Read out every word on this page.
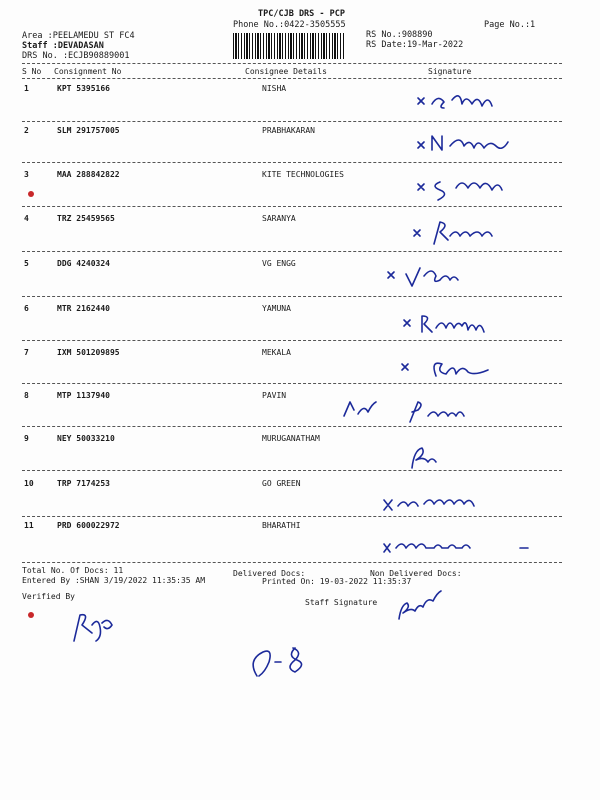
TPC/CJB DRS - PCP
Phone No.:0422-3505555	Page No.:1
Area :PEELAMEDU ST FC4
Staff :DEVADASAN
DRS No. :ECJB90889001
RS No.:908890
RS Date:19-Mar-2022
S No Consignment No	Consignee Details	Signature
1	KPT 5395166	NISHA
2	SLM 291757005	PRABHAKARAN
3	MAA 288842822	KITE TECHNOLOGIES
4	TRZ 25459565	SARANYA
5	DDG 4240324	VG ENGG
6	MTR 2162440	YAMUNA
7	IXM 501209895	MEKALA
8	MTP 1137940	PAVIN
9	NEY 50033210	MURUGANATHAM
10	TRP 7174253	GO GREEN
11	PRD 600022972	BHARATHI
Total No. Of Docs: 11	Delivered Docs:	Non Delivered Docs:
Entered By :SHAN 3/19/2022 11:35:35 AM	Printed On: 19-03-2022 11:35:37
Verified By
Staff Signature
